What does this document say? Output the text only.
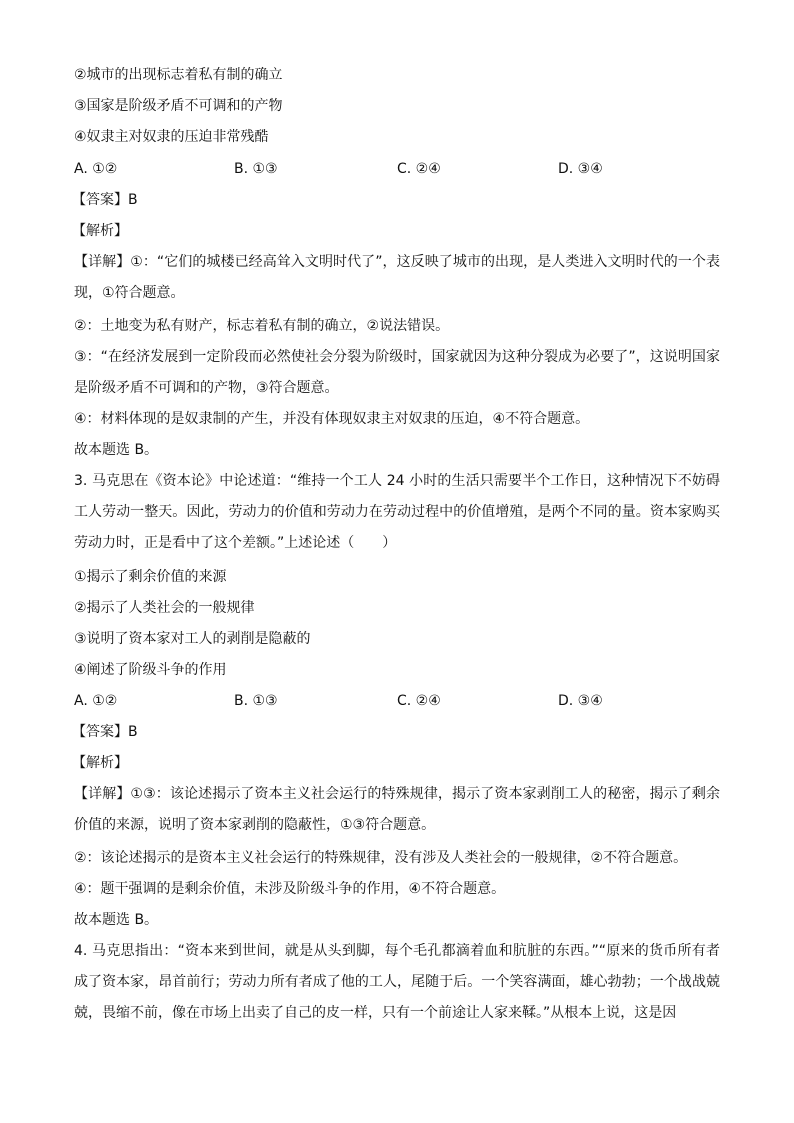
②城市的出现标志着私有制的确立
③国家是阶级矛盾不可调和的产物
④奴隶主对奴隶的压迫非常残酷
A. ①②	B. ①③	C. ②④	D. ③④
【答案】B
【解析】
【详解】①：“它们的城楼已经高耸入文明时代了”，这反映了城市的出现，是人类进入文明时代的一个表现，①符合题意。
②：土地变为私有财产，标志着私有制的确立，②说法错误。
③：“在经济发展到一定阶段而必然使社会分裂为阶级时，国家就因为这种分裂成为必要了”，这说明国家是阶级矛盾不可调和的产物，③符合题意。
④：材料体现的是奴隶制的产生，并没有体现奴隶主对奴隶的压迫，④不符合题意。
故本题选 B。
3. 马克思在《资本论》中论述道：“维持一个工人 24 小时的生活只需要半个工作日，这种情况下不妨碍工人劳动一整天。因此，劳动力的价值和劳动力在劳动过程中的价值增殖，是两个不同的量。资本家购买劳动力时，正是看中了这个差额。”上述论述（　　）
①揭示了剩余价值的来源
②揭示了人类社会的一般规律
③说明了资本家对工人的剥削是隐蔽的
④阐述了阶级斗争的作用
A. ①②	B. ①③	C. ②④	D. ③④
【答案】B
【解析】
【详解】①③：该论述揭示了资本主义社会运行的特殊规律，揭示了资本家剥削工人的秘密，揭示了剩余价值的来源，说明了资本家剥削的隐蔽性，①③符合题意。
②：该论述揭示的是资本主义社会运行的特殊规律，没有涉及人类社会的一般规律，②不符合题意。
④：题干强调的是剩余价值，未涉及阶级斗争的作用，④不符合题意。
故本题选 B。
4. 马克思指出：“资本来到世间，就是从头到脚，每个毛孔都滴着血和肮脏的东西。”“原来的货币所有者成了资本家，昂首前行；劳动力所有者成了他的工人，尾随于后。一个笑容满面，雄心勃勃；一个战战兢兢，畏缩不前，像在市场上出卖了自己的皮一样，只有一个前途让人家来鞣。”从根本上说，这是因
